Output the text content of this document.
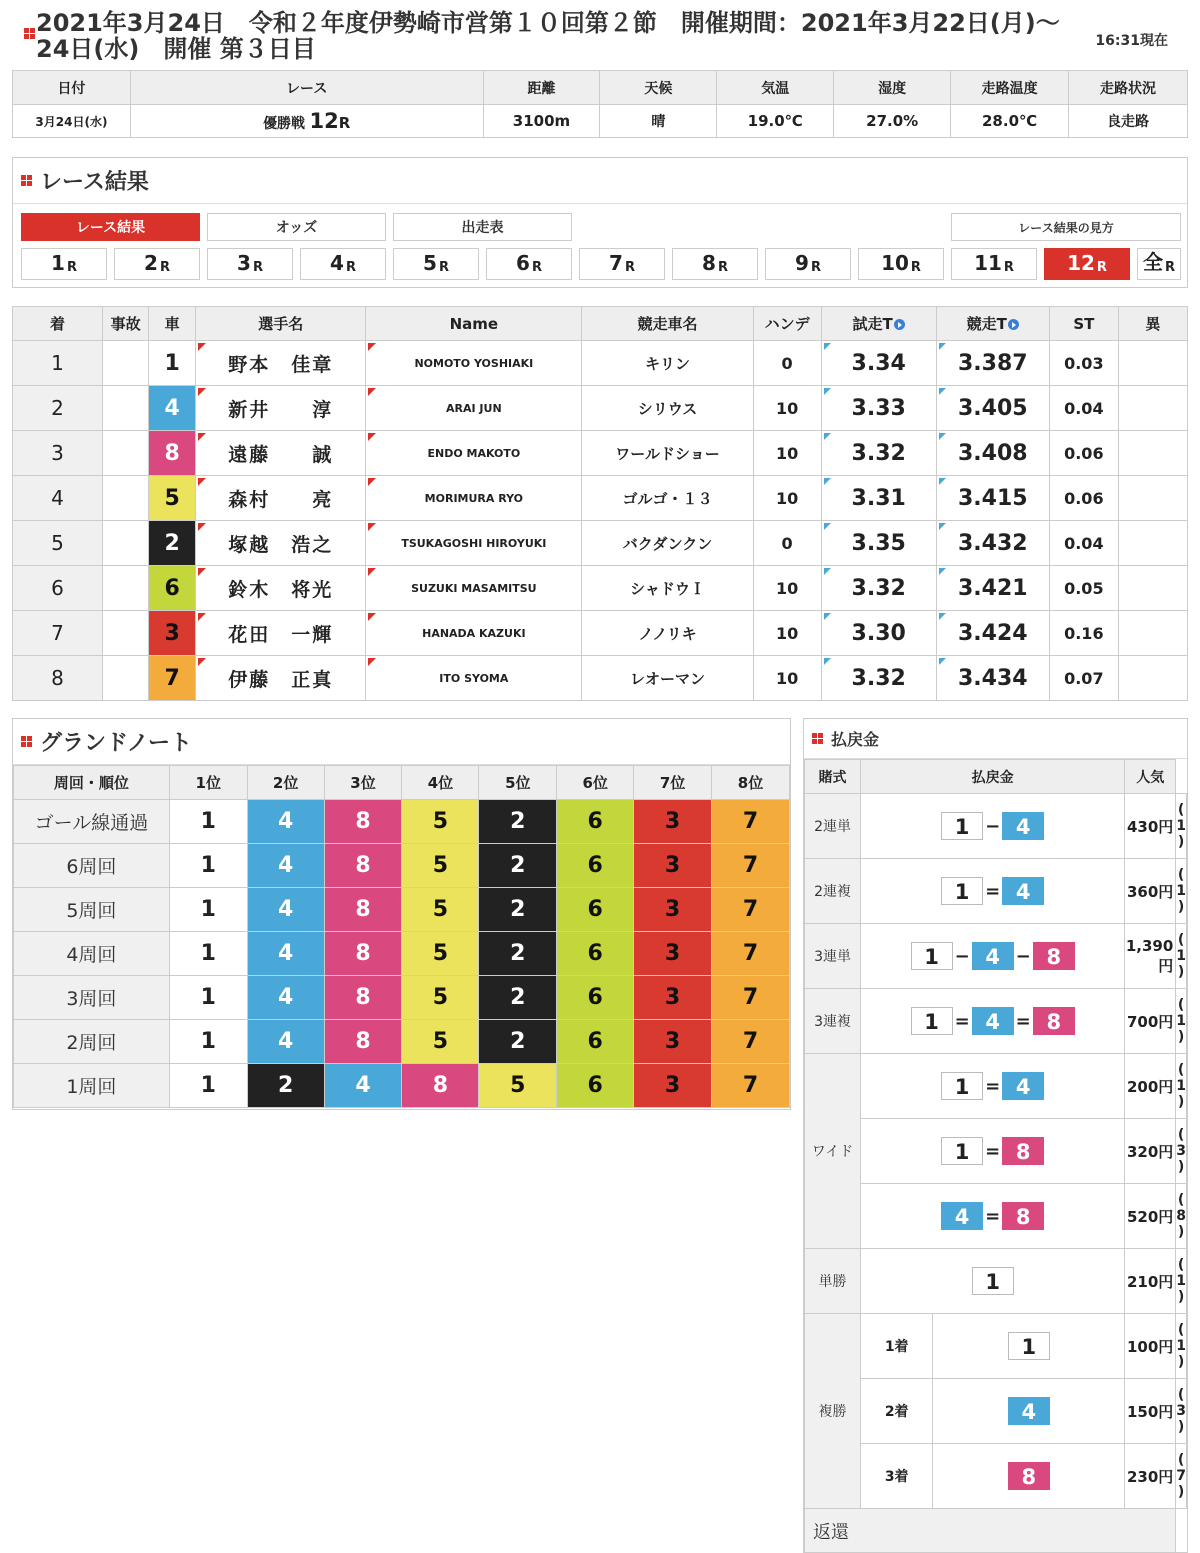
2021年3月24日　令和２年度伊勢崎市営第１０回第２節　開催期間：2021年3月22日(月)〜24日(水)　開催 第３日目	16:31現在
日付	レース	距離	天候	気温	湿度	走路温度	走路状況
3月24日(水)	優勝戦 12R	3100m	晴	19.0℃	27.0%	28.0℃	良走路
レース結果
レース結果	オッズ	出走表	レース結果の見方
1 R	2 R	3 R	4 R	5 R	6 R	7 R	8 R	9 R	10 R	11 R	12 R 全 R
着	事故	車	選手名	Name	競走車名	ハンデ	試走T	競走T	ST	異
1		1	野本　佳章	NOMOTO YOSHIAKI	キリン	0	3.34	3.387	0.03	
2		4	新井　　淳	ARAI JUN	シリウス	10	3.33	3.405	0.04	
3		8	遠藤　　誠	ENDO MAKOTO	ワールドショー	10	3.32	3.408	0.06	
4		5	森村　　亮	MORIMURA RYO	ゴルゴ・１３	10	3.31	3.415	0.06	
5		2	塚越　浩之	TSUKAGOSHI HIROYUKI	バクダンクン	0	3.35	3.432	0.04	
6		6	鈴木　将光	SUZUKI MASAMITSU	シャドウＩ	10	3.32	3.421	0.05	
7		3	花田　一輝	HANADA KAZUKI	ノノリキ	10	3.30	3.424	0.16	
8		7	伊藤　正真	ITO SYOMA	レオーマン	10	3.32	3.434	0.07	
グランドノート
周回・順位	1位	2位	3位	4位	5位	6位	7位	8位
ゴール線通過	1	4	8	5	2	6	3	7
6周回	1	4	8	5	2	6	3	7
5周回	1	4	8	5	2	6	3	7
4周回	1	4	8	5	2	6	3	7
3周回	1	4	8	5	2	6	3	7
2周回	1	4	8	5	2	6	3	7
1周回	1	2	4	8	5	6	3	7
払戻金
賭式	払戻金		人気	
2連単	1 − 4		430円	( 1 )
2連複	1 = 4		360円	( 1 )
3連単	1 − 4 − 8		1,390円	( 1 )
3連複	1 = 4 = 8		700円	( 1 )
ワイド	1 = 4		200円	( 1 )
	1 = 8		320円	( 3 )
	4 = 8		520円	( 8 )
単勝	1		210円	( 1 )
複勝	1着	1	100円	( 1 )
	2着	4	150円	( 3 )
	3着	8	230円	( 7 )
返還				
